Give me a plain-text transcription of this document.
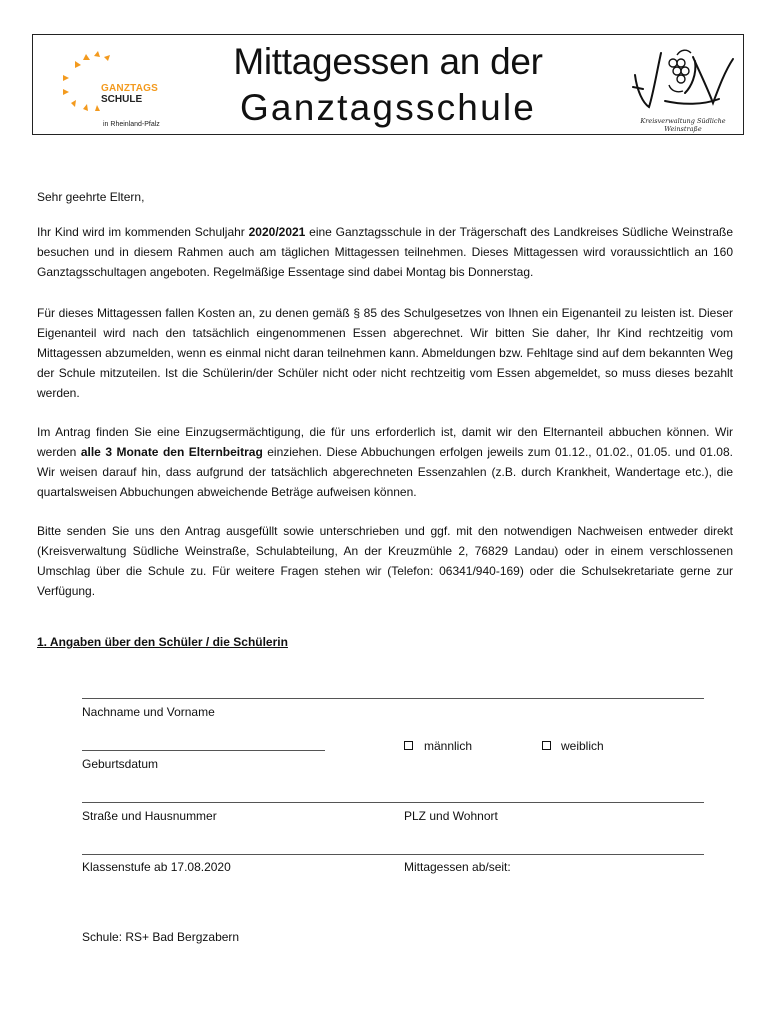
GANZTAGS
SCHULE
in Rheinland-Pfalz
Mittagessen an der
Ganztagsschule	Kreisverwaltung Südliche Weinstraße

Sehr geehrte Eltern,

Ihr Kind wird im kommenden Schuljahr 2020/2021 eine Ganztagsschule in der Trägerschaft des Landkreises Südliche Weinstraße besuchen und in diesem Rahmen auch am täglichen Mittagessen teilnehmen. Dieses Mittagessen wird voraussichtlich an 160 Ganztagsschultagen angeboten. Regelmäßige Essentage sind dabei Montag bis Donnerstag.

Für dieses Mittagessen fallen Kosten an, zu denen gemäß § 85 des Schulgesetzes von Ihnen ein Eigenanteil zu leisten ist. Dieser Eigenanteil wird nach den tatsächlich eingenommenen Essen abgerechnet. Wir bitten Sie daher, Ihr Kind rechtzeitig vom Mittagessen abzumelden, wenn es einmal nicht daran teilnehmen kann. Abmeldungen bzw. Fehltage sind auf dem bekannten Weg der Schule mitzuteilen. Ist die Schülerin/der Schüler nicht oder nicht rechtzeitig vom Essen abgemeldet, so muss dieses bezahlt werden.

Im Antrag finden Sie eine Einzugsermächtigung, die für uns erforderlich ist, damit wir den Elternanteil abbuchen können. Wir werden alle 3 Monate den Elternbeitrag einziehen. Diese Abbuchungen erfolgen jeweils zum 01.12., 01.02., 01.05. und 01.08. Wir weisen darauf hin, dass aufgrund der tatsächlich abgerechneten Essenzahlen (z.B. durch Krankheit, Wandertage etc.), die quartalsweisen Abbuchungen abweichende Beträge aufweisen können.

Bitte senden Sie uns den Antrag ausgefüllt sowie unterschrieben und ggf. mit den notwendigen Nachweisen entweder direkt (Kreisverwaltung Südliche Weinstraße, Schulabteilung, An der Kreuzmühle 2, 76829 Landau) oder in einem verschlossenen Umschlag über die Schule zu. Für weitere Fragen stehen wir (Telefon: 06341/940-169) oder die Schulsekretariate gerne zur Verfügung.

1. Angaben über den Schüler / die Schülerin
Nachname und Vorname
männlich	weiblich
Geburtsdatum
Straße und Hausnummer	PLZ und Wohnort
Klassenstufe ab 17.08.2020	Mittagessen ab/seit:
Schule: RS+ Bad Bergzabern
